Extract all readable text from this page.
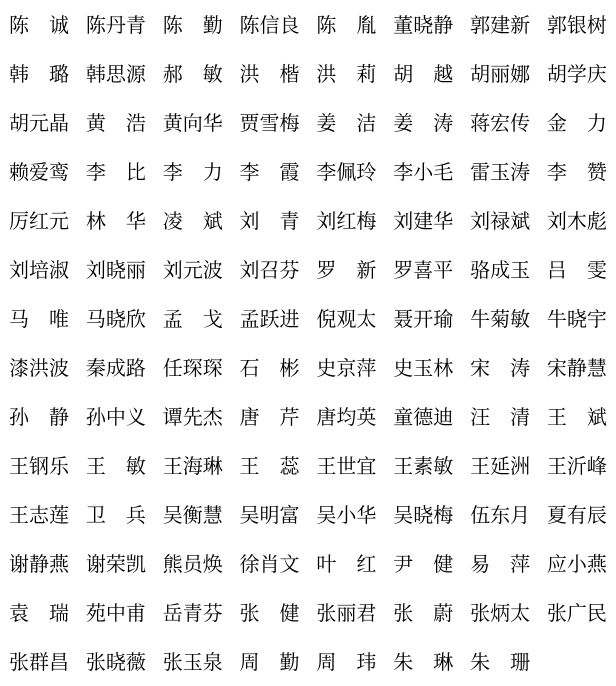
陈 诚 陈 丹 青 陈 勤 陈 信 良 陈 胤 董 晓 静 郭 建 新 郭 银 树
韩 璐 韩 思 源 郝 敏 洪 楷 洪 莉 胡 越 胡 丽 娜 胡 学 庆
胡 元 晶 黄 浩 黄 向 华 贾 雪 梅 姜 洁 姜 涛 蒋 宏 传 金 力
赖 爱 鸾 李 比 李 力 李 霞 李 佩 玲 李 小 毛 雷 玉 涛 李 赞
厉 红 元 林 华 凌 斌 刘 青 刘 红 梅 刘 建 华 刘 禄 斌 刘 木 彪
刘 培 淑 刘 晓 丽 刘 元 波 刘 召 芬 罗 新 罗 喜 平 骆 成 玉 吕 雯
马 唯 马 晓 欣 孟 戈 孟 跃 进 倪 观 太 聂 开 瑜 牛 菊 敏 牛 晓 宇
漆 洪 波 秦 成 路 任 琛 琛 石 彬 史 京 萍 史 玉 林 宋 涛 宋 静 慧
孙 静 孙 中 义 谭 先 杰 唐 芹 唐 均 英 童 德 迪 汪 清 王 斌
王 钢 乐 王 敏 王 海 琳 王 蕊 王 世 宜 王 素 敏 王 延 洲 王 沂 峰
王 志 莲 卫 兵 吴 衡 慧 吴 明 富 吴 小 华 吴 晓 梅 伍 东 月 夏 有 辰
谢 静 燕 谢 荣 凯 熊 员 焕 徐 肖 文 叶 红 尹 健 易 萍 应 小 燕
袁 瑞 苑 中 甫 岳 青 芬 张 健 张 丽 君 张 蔚 张 炳 太 张 广 民
张 群 昌 张 晓 薇 张 玉 泉 周 勤 周 玮 朱 琳 朱 珊
